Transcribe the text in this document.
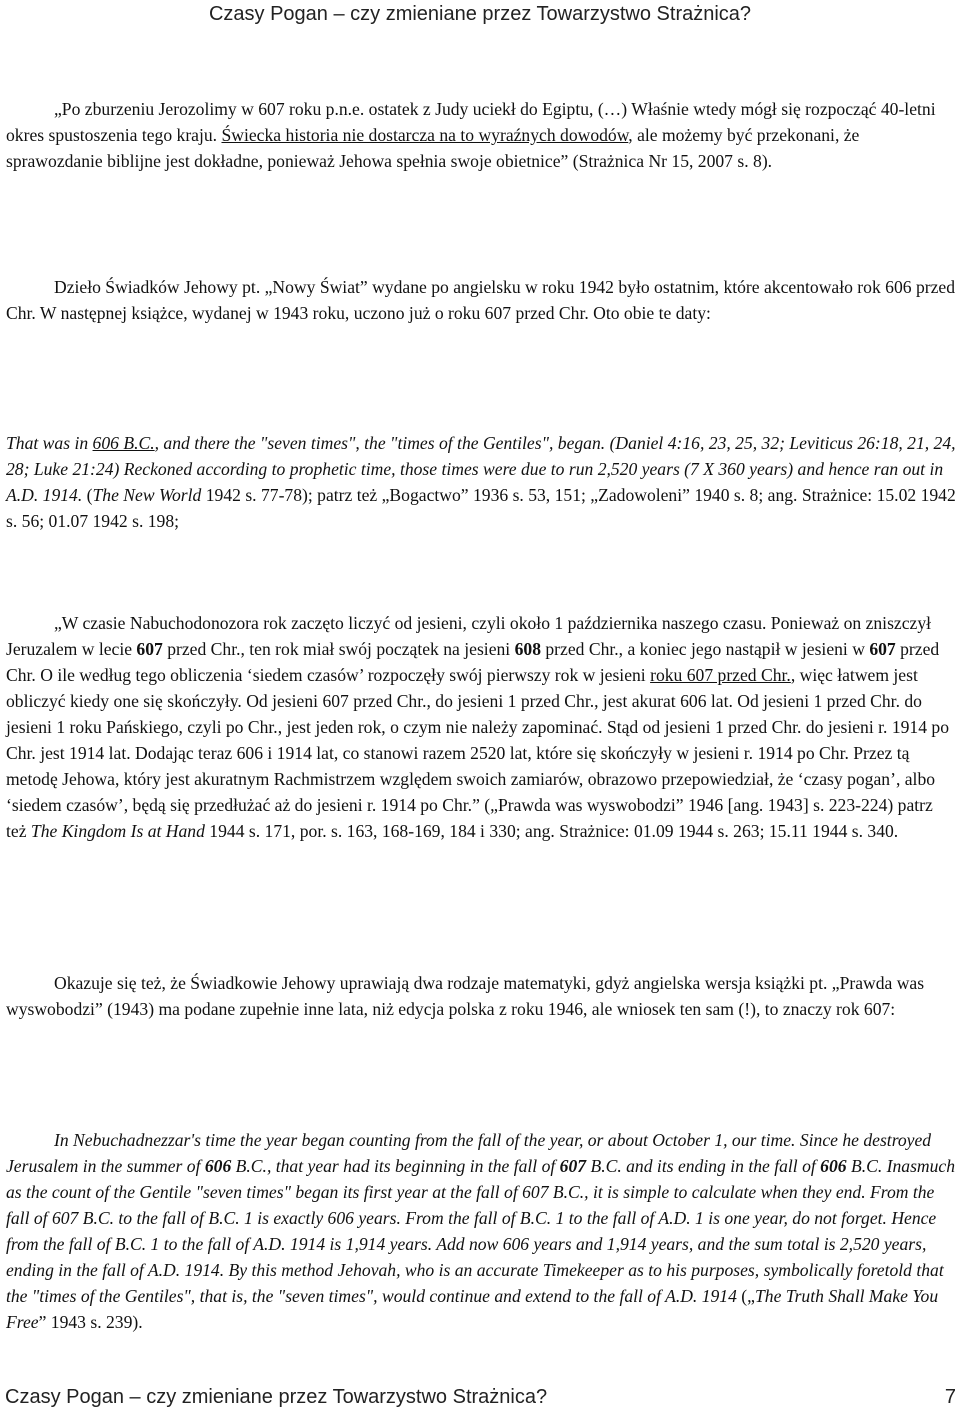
Czasy Pogan – czy zmieniane przez Towarzystwo Strażnica?

„Po zburzeniu Jerozolimy w 607 roku p.n.e. ostatek z Judy uciekł do Egiptu, (…) Właśnie wtedy mógł się rozpocząć 40-letni okres spustoszenia tego kraju. Świecka historia nie dostarcza na to wyraźnych dowodów, ale możemy być przekonani, że sprawozdanie biblijne jest dokładne, ponieważ Jehowa spełnia swoje obietnice” (Strażnica Nr 15, 2007 s. 8).

Dzieło Świadków Jehowy pt. „Nowy Świat” wydane po angielsku w roku 1942 było ostatnim, które akcentowało rok 606 przed Chr. W następnej książce, wydanej w 1943 roku, uczono już o roku 607 przed Chr. Oto obie te daty:

That was in 606 B.C., and there the "seven times", the "times of the Gentiles", began. (Daniel 4:16, 23, 25, 32; Leviticus 26:18, 21, 24, 28; Luke 21:24) Reckoned according to prophetic time, those times were due to run 2,520 years (7 X 360 years) and hence ran out in A.D. 1914. (The New World 1942 s. 77-78); patrz też „Bogactwo” 1936 s. 53, 151; „Zadowoleni” 1940 s. 8; ang. Strażnice: 15.02 1942 s. 56; 01.07 1942 s. 198;

„W czasie Nabuchodonozora rok zaczęto liczyć od jesieni, czyli około 1 października naszego czasu. Ponieważ on zniszczył Jeruzalem w lecie 607 przed Chr., ten rok miał swój początek na jesieni 608 przed Chr., a koniec jego nastąpił w jesieni w 607 przed Chr. O ile według tego obliczenia ‘siedem czasów’ rozpoczęły swój pierwszy rok w jesieni roku 607 przed Chr., więc łatwem jest obliczyć kiedy one się skończyły. Od jesieni 607 przed Chr., do jesieni 1 przed Chr., jest akurat 606 lat. Od jesieni 1 przed Chr. do jesieni 1 roku Pańskiego, czyli po Chr., jest jeden rok, o czym nie należy zapominać. Stąd od jesieni 1 przed Chr. do jesieni r. 1914 po Chr. jest 1914 lat. Dodając teraz 606 i 1914 lat, co stanowi razem 2520 lat, które się skończyły w jesieni r. 1914 po Chr. Przez tą metodę Jehowa, który jest akuratnym Rachmistrzem względem swoich zamiarów, obrazowo przepowiedział, że ‘czasy pogan’, albo ‘siedem czasów’, będą się przedłużać aż do jesieni r. 1914 po Chr.” („Prawda was wyswobodzi” 1946 [ang. 1943] s. 223-224) patrz też The Kingdom Is at Hand 1944 s. 171, por. s. 163, 168-169, 184 i 330; ang. Strażnice: 01.09 1944 s. 263; 15.11 1944 s. 340.

Okazuje się też, że Świadkowie Jehowy uprawiają dwa rodzaje matematyki, gdyż angielska wersja książki pt. „Prawda was wyswobodzi” (1943) ma podane zupełnie inne lata, niż edycja polska z roku 1946, ale wniosek ten sam (!), to znaczy rok 607:

In Nebuchadnezzar's time the year began counting from the fall of the year, or about October 1, our time. Since he destroyed Jerusalem in the summer of 606 B.C., that year had its beginning in the fall of 607 B.C. and its ending in the fall of 606 B.C. Inasmuch as the count of the Gentile "seven times" began its first year at the fall of 607 B.C., it is simple to calculate when they end. From the fall of 607 B.C. to the fall of B.C. 1 is exactly 606 years. From the fall of B.C. 1 to the fall of A.D. 1 is one year, do not forget. Hence from the fall of B.C. 1 to the fall of A.D. 1914 is 1,914 years. Add now 606 years and 1,914 years, and the sum total is 2,520 years, ending in the fall of A.D. 1914. By this method Jehovah, who is an accurate Timekeeper as to his purposes, symbolically foretold that the "times of the Gentiles", that is, the "seven times", would continue and extend to the fall of A.D. 1914 („The Truth Shall Make You Free” 1943 s. 239).

Czasy Pogan – czy zmieniane przez Towarzystwo Strażnica?	7
